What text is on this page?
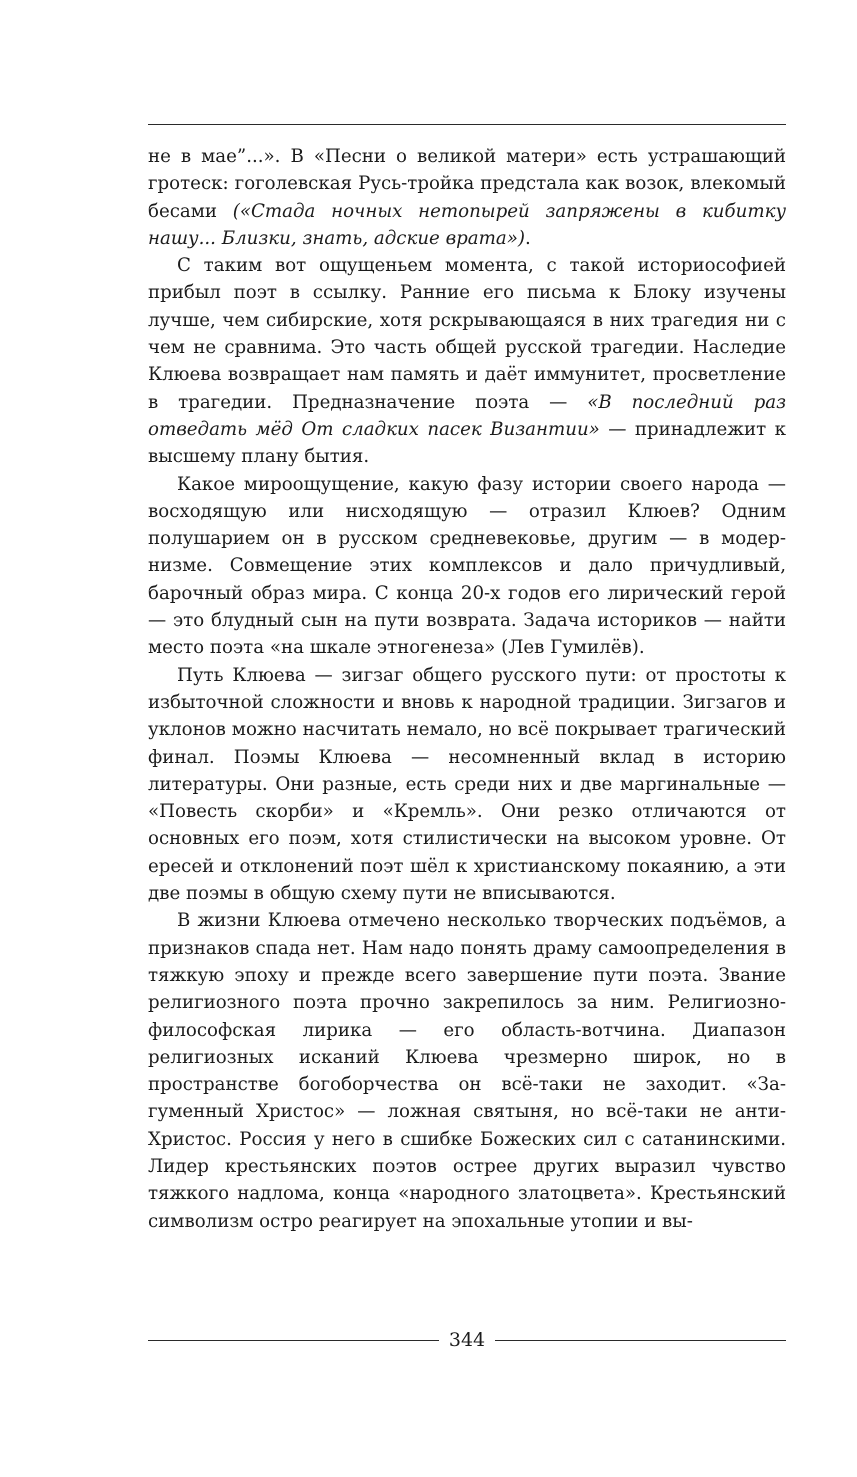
не в мае”...». В «Песни о великой матери» есть устрашающий гротеск: гоголевская Русь-тройка предстала как возок, влекомый бесами («Стада ночных нетопырей запряжены в кибитку нашу... Близки, знать, адские врата»).

С таким вот ощущеньем момента, с такой историософией прибыл поэт в ссылку. Ранние его письма к Блоку изучены лучше, чем сибирские, хотя рскрывающаяся в них трагедия ни с чем не сравнима. Это часть общей русской трагедии. Наследие Клюева возвращает нам память и даёт иммунитет, просветление в трагедии. Предназначение поэта — «В последний раз отведать мёд От сладких пасек Византии» — принадлежит к высшему плану бытия.

Какое мироощущение, какую фазу истории своего народа — восходящую или нисходящую — отразил Клюев? Одним полушарием он в русском средневековье, другим — в модернизме. Совмещение этих комплексов и дало причудливый, барочный образ мира. С конца 20-х годов его лирический герой — это блудный сын на пути возврата. Задача историков — найти место поэта «на шкале этногенеза» (Лев Гумилёв).

Путь Клюева — зигзаг общего русского пути: от простоты к избыточной сложности и вновь к народной традиции. Зигзагов и уклонов можно насчитать немало, но всё покрывает трагический финал. Поэмы Клюева — несомненный вклад в историю литературы. Они разные, есть среди них и две маргинальные — «Повесть скорби» и «Кремль». Они резко отличаются от основных его поэм, хотя стилистически на высоком уровне. От ересей и отклонений поэт шёл к христианскому покаянию, а эти две поэмы в общую схему пути не вписываются.

В жизни Клюева отмечено несколько творческих подъёмов, а признаков спада нет. Нам надо понять драму самоопределения в тяжкую эпоху и прежде всего завершение пути поэта. Звание религиозного поэта прочно закрепилось за ним. Религиозно-философская лирика — его область-вотчина. Диапазон религиозных исканий Клюева чрезмерно широк, но в пространстве богоборчества он всё-таки не заходит. «Загуменный Христос» — ложная святыня, но всё-таки не антиХристос. Россия у него в сшибке Божеских сил с сатанинскими. Лидер крестьянских поэтов острее других выразил чувство тяжкого надлома, конца «народного златоцвета». Крестьянский символизм остро реагирует на эпохальные утопии и вы-

344
